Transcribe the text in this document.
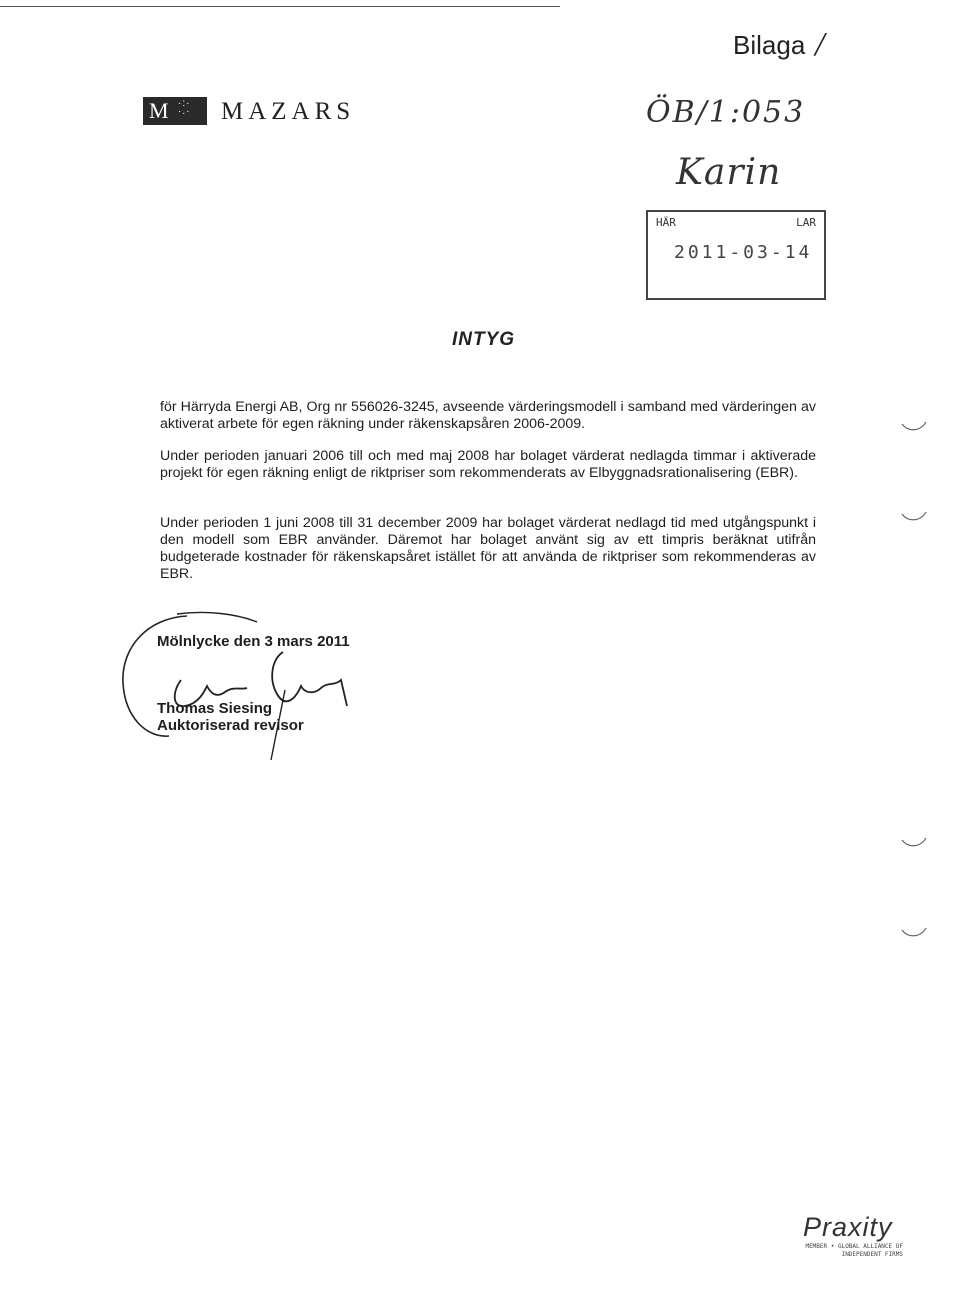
Bilaga /
M ·:·
·.· MAZARS	ÖB/1:053
Karin
HÄR	LAR
2011-03-14
INTYG
för Härryda Energi AB, Org nr 556026-3245, avseende värderingsmodell i samband med värderingen av aktiverat arbete för egen räkning under räkenskapsåren 2006-2009.
Under perioden januari 2006 till och med maj 2008 har bolaget värderat nedlagda timmar i aktiverade projekt för egen räkning enligt de riktpriser som rekommenderats av Elbyggnadsrationalisering (EBR).
Under perioden 1 juni 2008 till 31 december 2009 har bolaget värderat nedlagd tid med utgångspunkt i den modell som EBR använder. Däremot har bolaget använt sig av ett timpris beräknat utifrån budgeterade kostnader för räkenskapsåret istället för att använda de riktpriser som rekommenderas av EBR.
Mölnlycke den 3 mars 2011
Thomas Siesing
Auktoriserad revisor
Praxity
MEMBER • GLOBAL ALLIANCE OF INDEPENDENT FIRMS
